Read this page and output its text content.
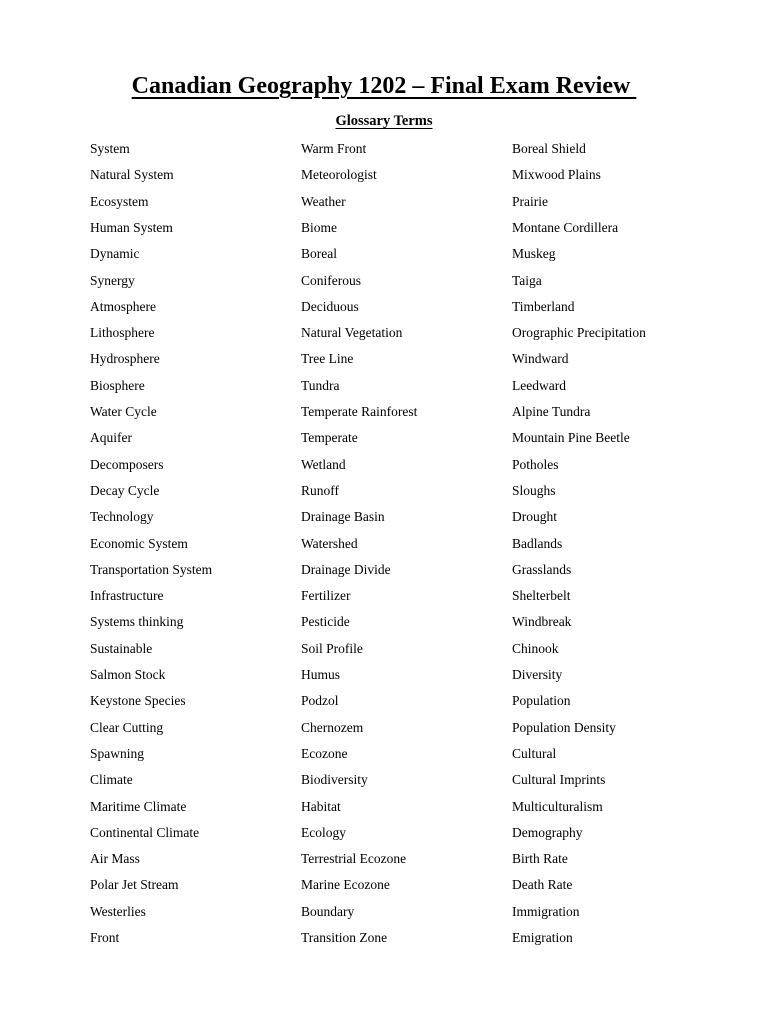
Canadian Geography 1202 – Final Exam Review
Glossary Terms
System
Natural System
Ecosystem
Human System
Dynamic
Synergy
Atmosphere
Lithosphere
Hydrosphere
Biosphere
Water Cycle
Aquifer
Decomposers
Decay Cycle
Technology
Economic System
Transportation System
Infrastructure
Systems thinking
Sustainable
Salmon Stock
Keystone Species
Clear Cutting
Spawning
Climate
Maritime Climate
Continental Climate
Air Mass
Polar Jet Stream
Westerlies
Front
Warm Front
Meteorologist
Weather
Biome
Boreal
Coniferous
Deciduous
Natural Vegetation
Tree Line
Tundra
Temperate Rainforest
Temperate
Wetland
Runoff
Drainage Basin
Watershed
Drainage Divide
Fertilizer
Pesticide
Soil Profile
Humus
Podzol
Chernozem
Ecozone
Biodiversity
Habitat
Ecology
Terrestrial Ecozone
Marine Ecozone
Boundary
Transition Zone
Boreal Shield
Mixwood Plains
Prairie
Montane Cordillera
Muskeg
Taiga
Timberland
Orographic Precipitation
Windward
Leedward
Alpine Tundra
Mountain Pine Beetle
Potholes
Sloughs
Drought
Badlands
Grasslands
Shelterbelt
Windbreak
Chinook
Diversity
Population
Population Density
Cultural
Cultural Imprints
Multiculturalism
Demography
Birth Rate
Death Rate
Immigration
Emigration
